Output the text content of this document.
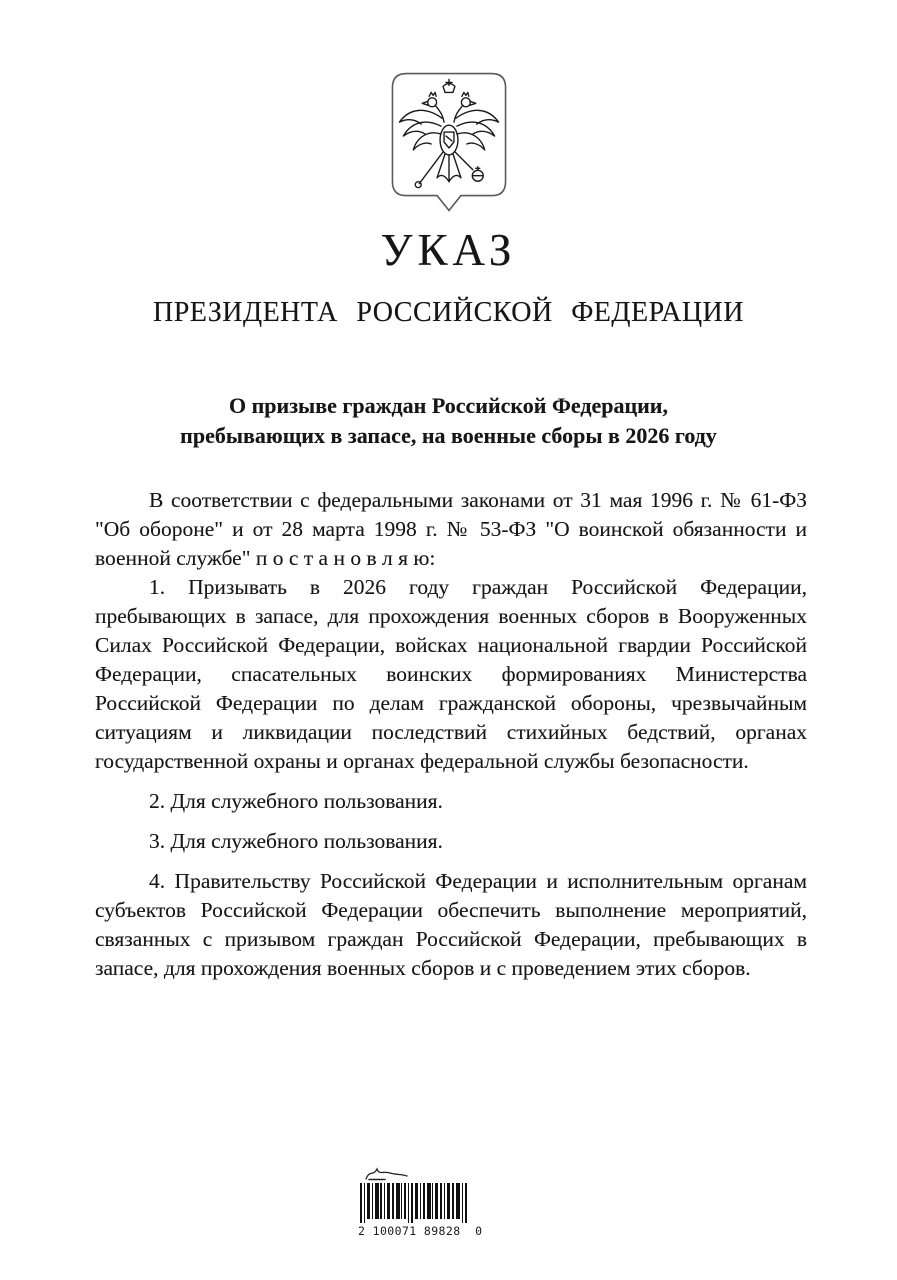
УКАЗ
ПРЕЗИДЕНТА РОССИЙСКОЙ ФЕДЕРАЦИИ
О призыве граждан Российской Федерации,
пребывающих в запасе, на военные сборы в 2026 году

В соответствии с федеральными законами от 31 мая 1996 г. № 61-ФЗ "Об обороне" и от 28 марта 1998 г. № 53-ФЗ "О воинской обязанности и военной службе" п о с т а н о в л я ю:

1. Призывать в 2026 году граждан Российской Федерации, пребывающих в запасе, для прохождения военных сборов в Вооруженных Силах Российской Федерации, войсках национальной гвардии Российской Федерации, спасательных воинских формированиях Министерства Российской Федерации по делам гражданской обороны, чрезвычайным ситуациям и ликвидации последствий стихийных бедствий, органах государственной охраны и органах федеральной службы безопасности.

2. Для служебного пользования.

3. Для служебного пользования.

4. Правительству Российской Федерации и исполнительным органам субъектов Российской Федерации обеспечить выполнение мероприятий, связанных с призывом граждан Российской Федерации, пребывающих в запасе, для прохождения военных сборов и с проведением этих сборов.

2 100071 89828  0
